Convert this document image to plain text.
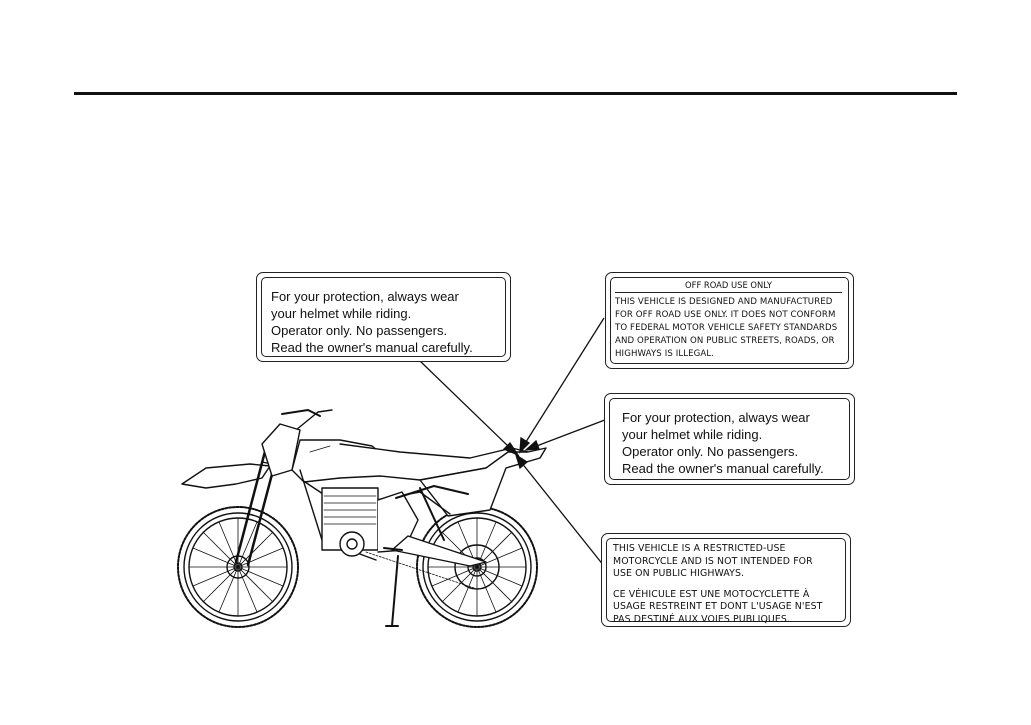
For your protection, always wear
your helmet while riding.
Operator only. No passengers.
Read the owner's manual carefully.
OFF ROAD USE ONLY
THIS VEHICLE IS DESIGNED AND MANUFACTURED
FOR OFF ROAD USE ONLY. IT DOES NOT CONFORM
TO FEDERAL MOTOR VEHICLE SAFETY STANDARDS
AND OPERATION ON PUBLIC STREETS, ROADS, OR
HIGHWAYS IS ILLEGAL.
For your protection, always wear
your helmet while riding.
Operator only. No passengers.
Read the owner's manual carefully.
THIS VEHICLE IS A RESTRICTED-USE
MOTORCYCLE AND IS NOT INTENDED FOR
USE ON PUBLIC HIGHWAYS.
CE VÉHICULE EST UNE MOTOCYCLETTE À
USAGE RESTREINT ET DONT L'USAGE N'EST
PAS DESTINÉ AUX VOIES PUBLIQUES.
